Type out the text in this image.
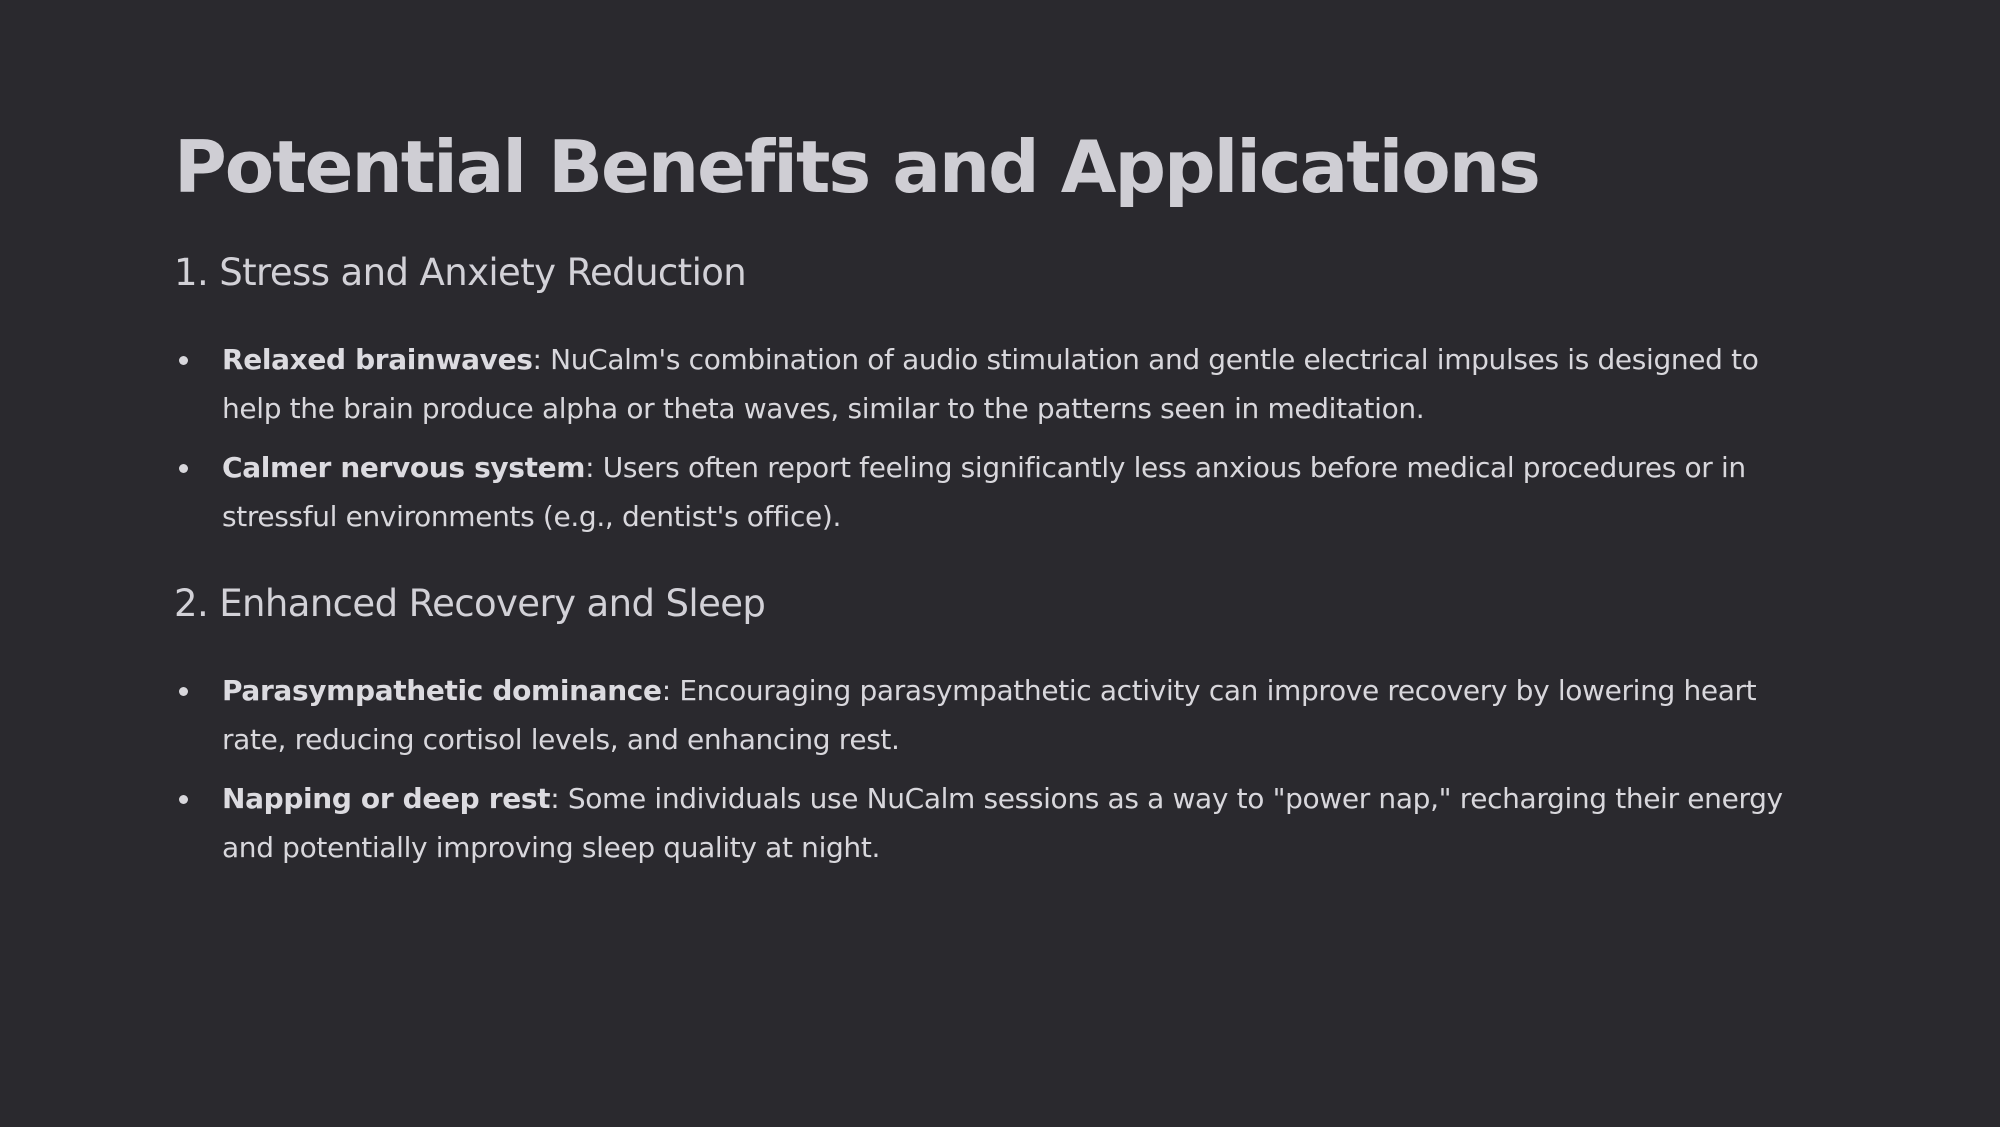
Potential Benefits and Applications
1. Stress and Anxiety Reduction
Relaxed brainwaves: NuCalm's combination of audio stimulation and gentle electrical impulses is designed to help the brain produce alpha or theta waves, similar to the patterns seen in meditation.
Calmer nervous system: Users often report feeling significantly less anxious before medical procedures or in stressful environments (e.g., dentist's office).
2. Enhanced Recovery and Sleep
Parasympathetic dominance: Encouraging parasympathetic activity can improve recovery by lowering heart rate, reducing cortisol levels, and enhancing rest.
Napping or deep rest: Some individuals use NuCalm sessions as a way to "power nap," recharging their energy and potentially improving sleep quality at night.
